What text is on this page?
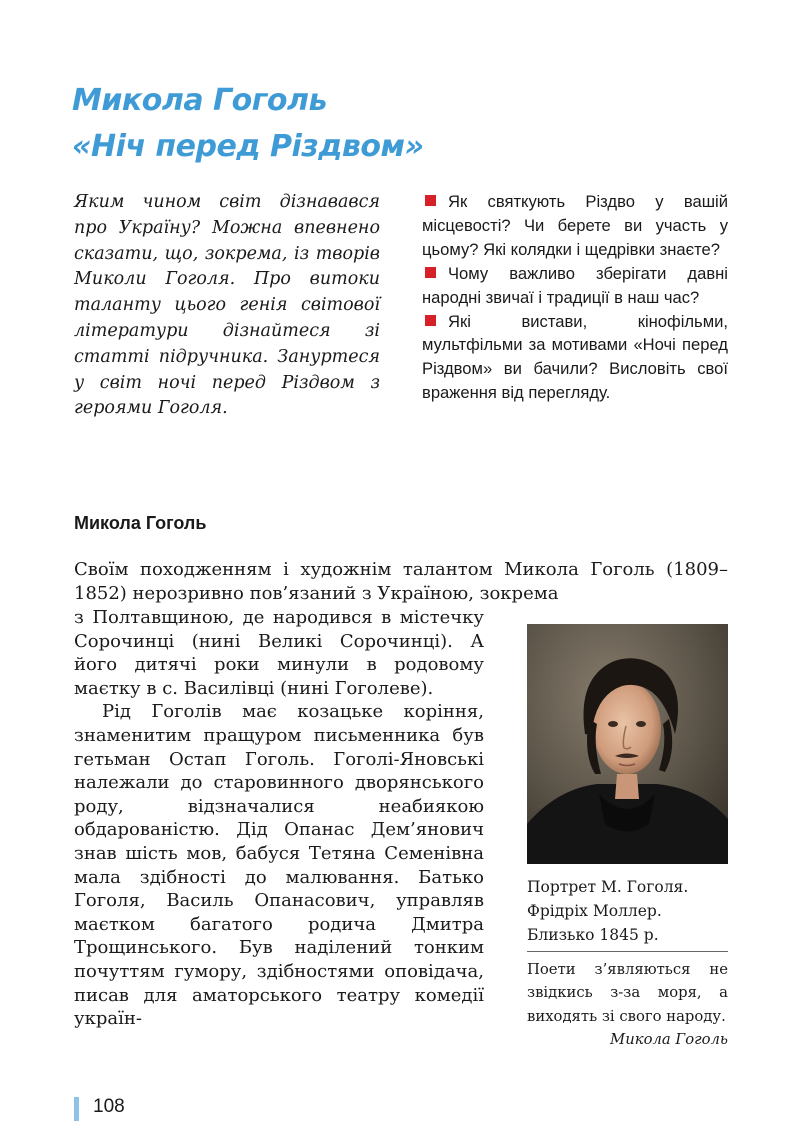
Микола Гоголь
«Ніч перед Різдвом»

Яким чином світ дізнавався про Україну? Можна впевнено сказати, що, зокрема, із творів Миколи Гоголя. Про витоки таланту цього генія світової літератури дізнайтеся зі статті підручника. Зануртеся у світ ночі перед Різдвом з героями Гоголя.

Як святкують Різдво у вашій місцевості? Чи берете ви участь у цьому? Які колядки і щедрівки знаєте?
Чому важливо зберігати давні народні звичаї і традиції в наш час?
Які вистави, кінофільми, мультфільми за мотивами «Ночі перед Різдвом» ви бачили? Висловіть свої враження від перегляду.
Микола Гоголь

Своїм походженням і художнім талантом Микола Гоголь (1809–1852) нерозривно пов’язаний з Україною, зокрема

з Полтавщиною, де народився в містечку Сорочинці (нині Великі Сорочинці). А його дитячі роки минули в родовому маєтку в с. Василівці (нині Гоголеве).

Рід Гоголів має козацьке коріння, знаменитим пращуром письменника був гетьман Остап Гоголь. Гоголі-Яновські належали до старовинного дворянського роду, відзначалися неабиякою обдарованістю. Дід Опанас Дем’янович знав шість мов, бабуся Тетяна Семенівна мала здібності до малювання. Батько Гоголя, Василь Опанасович, управляв маєтком багатого родича Дмитра Трощинського. Був наділений тонким почуттям гумору, здібностями оповідача, писав для аматорського театру комедії україн-

Портрет М. Гоголя.
Фрідріх Моллер.
Близько 1845 р.

Поети з’являються не звідкись з-за моря, а виходять зі свого народу.
Микола Гоголь

108
